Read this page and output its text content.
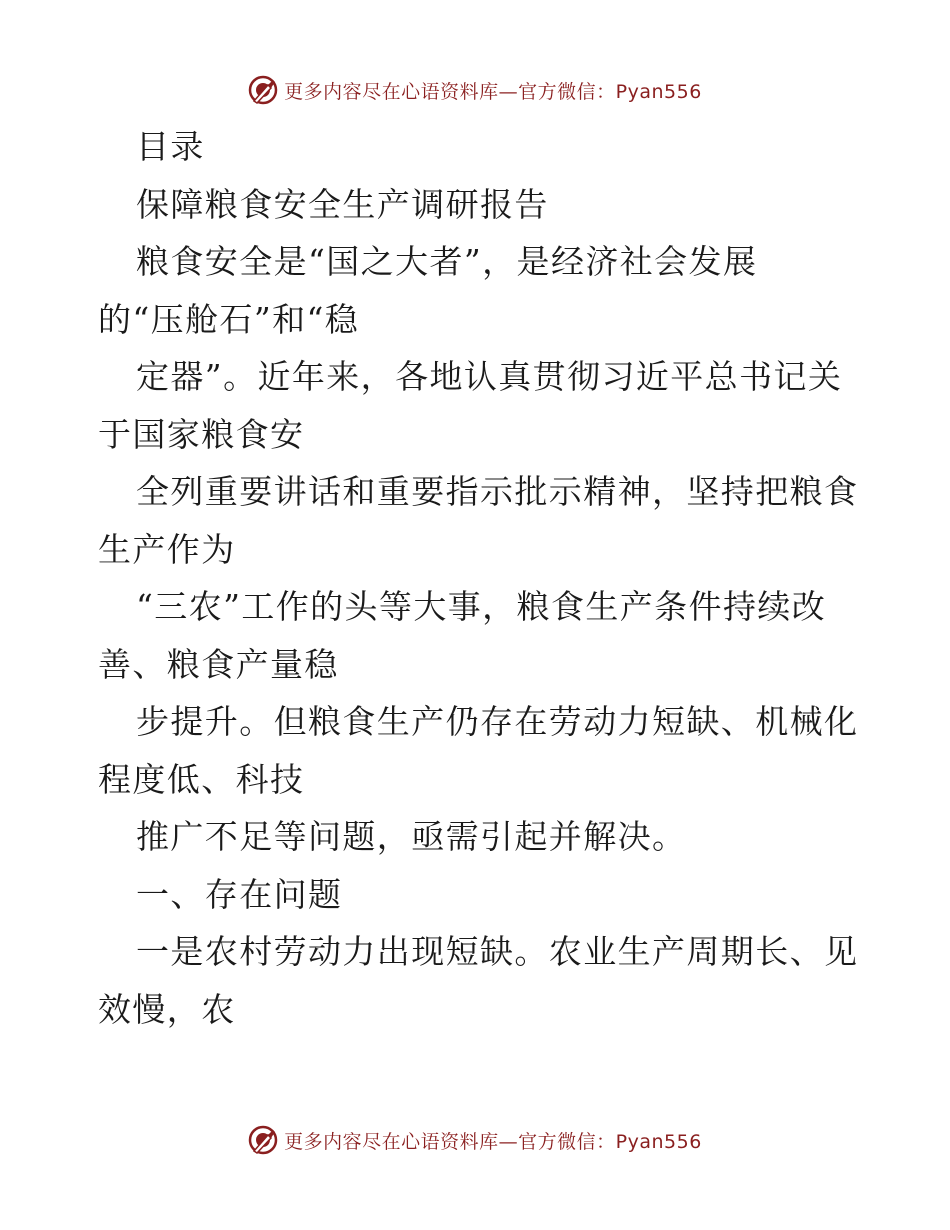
更多内容尽在心语资料库—官方微信：Pyan556
目录
保障粮食安全生产调研报告
粮食安全是“国之大者”，是经济社会发展
的“压舱石”和“稳
定器”。近年来，各地认真贯彻习近平总书记关
于国家粮食安
全列重要讲话和重要指示批示精神，坚持把粮食
生产作为
“三农”工作的头等大事，粮食生产条件持续改
善、粮食产量稳
步提升。但粮食生产仍存在劳动力短缺、机械化
程度低、科技
推广不足等问题，亟需引起并解决。
一、存在问题
一是农村劳动力出现短缺。农业生产周期长、见
效慢，农
更多内容尽在心语资料库—官方微信：Pyan556
